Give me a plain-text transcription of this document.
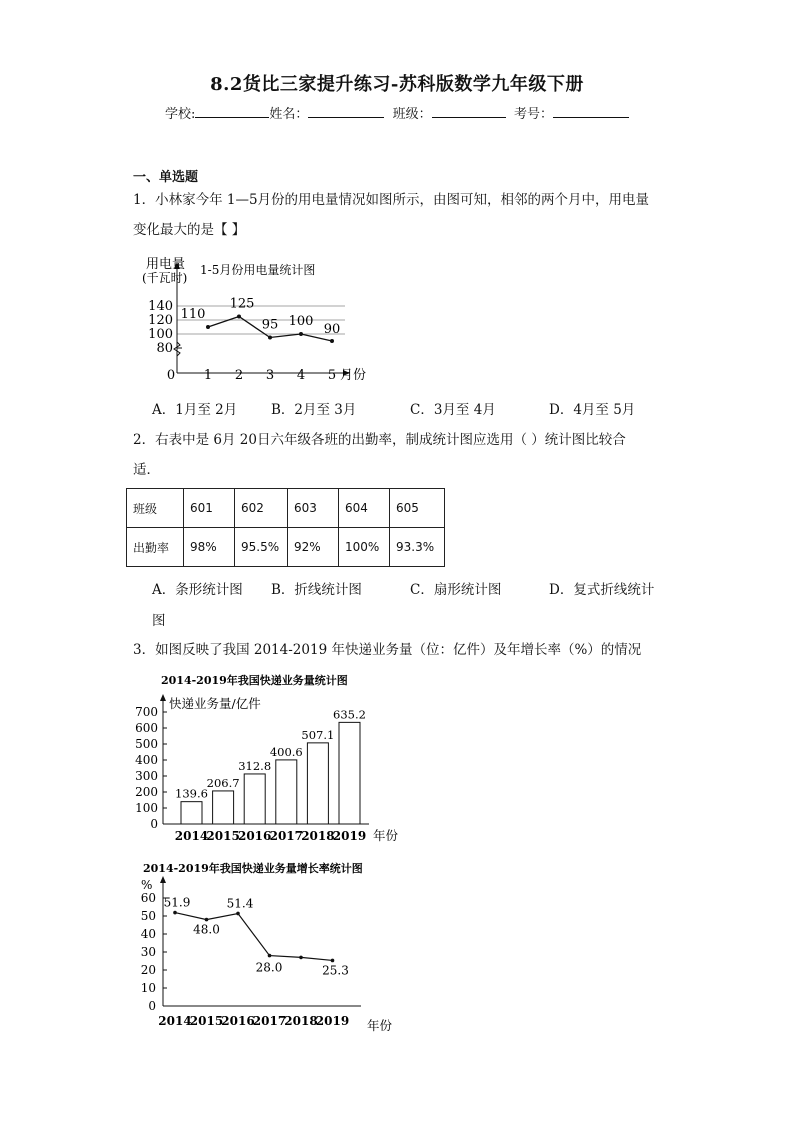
8.2货比三家提升练习-苏科版数学九年级下册
学校:	姓名：	班级：	考号：
一、单选题
1．小林家今年 1—5月份的用电量情况如图所示，由图可知，相邻的两个月中，用电量
变化最大的是【 】
用电量
(千瓦时)
1-5月份用电量统计图
0	月份
80
100
120
140
110
1
125
2
95
3
100
4
90
5
A．1月至 2月	B．2月至 3月	C．3月至 4月	D．4月至 5月
2．右表中是 6月 20日六年级各班的出勤率，制成统计图应选用（ ）统计图比较合
适．
班级	601	602	603	604	605
出勤率	98%	95.5%	92%	100%	93.3%
A．条形统计图 B．折线统计图	C．扇形统计图	D．复式折线统计
图
3．如图反映了我国 2014-2019 年快递业务量（位：亿件）及年增长率（%）的情况
2014-2019年我国快递业务量统计图
快递业务量/亿件
年份
0
100
200
300
400
500
600
700
139.6
2014
206.7
2015
312.8
2016
400.6
2017
507.1
2018
635.2
2019
2014-2019年我国快递业务量增长率统计图
%
年份
0
10
20
30
40
50
60 51.9
2014
48.0
2015
51.4
2016
2017
28.0
2018
25.3
2019
